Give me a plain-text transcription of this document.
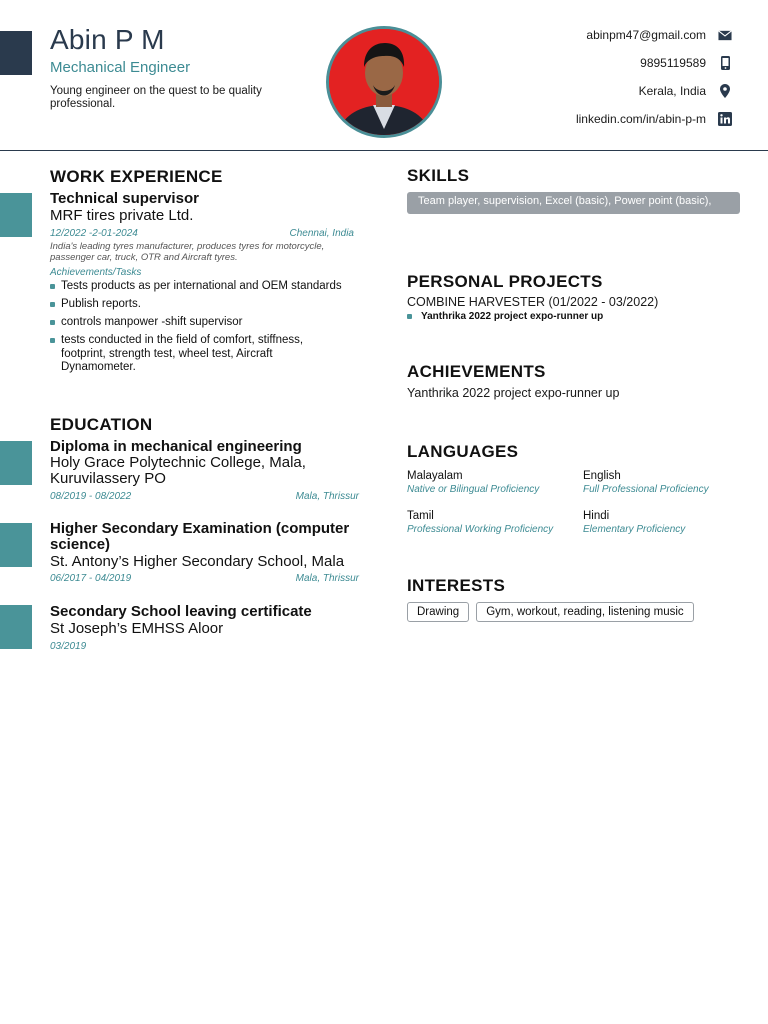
Abin P M
Mechanical Engineer
Young engineer on the quest to be quality professional.
abinpm47@gmail.com
9895119589
Kerala, India
linkedin.com/in/abin-p-m
WORK EXPERIENCE
Technical supervisor
MRF tires private Ltd.
12/2022 -2-01-2024	Chennai, India
India's leading tyres manufacturer, produces tyres for motorcycle, passenger car, truck, OTR and Aircraft tyres.
Achievements/Tasks
Tests products as per international and OEM standards
Publish reports.
controls manpower -shift supervisor
tests conducted in the field of comfort, stiffness, footprint, strength test, wheel test, Aircraft Dynamometer.
EDUCATION
Diploma in mechanical engineering
Holy Grace Polytechnic College, Mala, Kuruvilassery PO
08/2019 - 08/2022	Mala, Thrissur
Higher Secondary Examination (computer science)
St. Antony’s Higher Secondary School, Mala
06/2017 - 04/2019	Mala, Thrissur
Secondary School leaving certificate
St Joseph’s EMHSS Aloor
03/2019
SKILLS
Team player, supervision, Excel (basic), Power point (basic),
PERSONAL PROJECTS
COMBINE HARVESTER (01/2022 - 03/2022)
Yanthrika 2022 project expo-runner up
ACHIEVEMENTS
Yanthrika 2022 project expo-runner up
LANGUAGES
Malayalam
Native or Bilingual Proficiency
English
Full Professional Proficiency
Tamil
Professional Working Proficiency
Hindi
Elementary Proficiency
INTERESTS
Drawing	Gym, workout, reading, listening music
